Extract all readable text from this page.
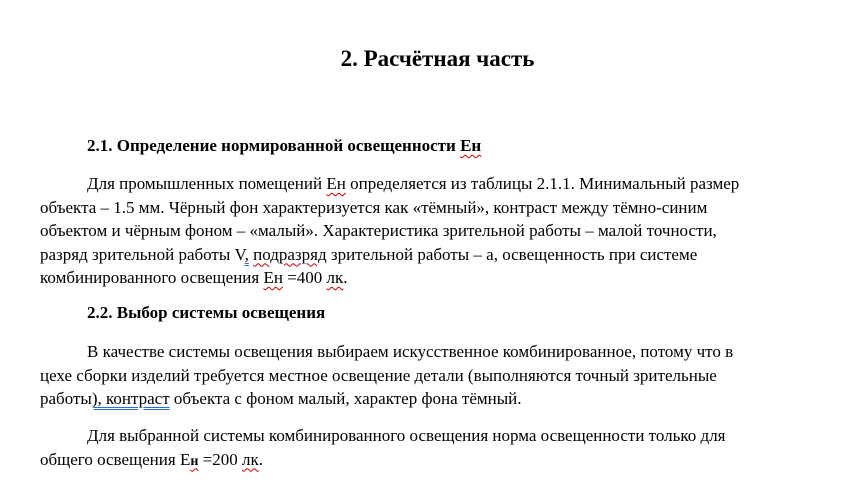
2. Расчётная часть

2.1. Определение нормированной освещенности Ен

Для промышленных помещений Ен определяется из таблицы 2.1.1. Минимальный размер
объекта – 1.5 мм. Чёрный фон характеризуется как «тёмный», контраст между тёмно-синим
объектом и чёрным фоном – «малый». Характеристика зрительной работы – малой точности,
разряд зрительной работы V, подразряд зрительной работы – а, освещенность при системе
комбинированного освещения Ен =400 лк.

2.2. Выбор системы освещения

В качестве системы освещения выбираем искусственное комбинированное, потому что в
цехе сборки изделий требуется местное освещение детали (выполняются точный зрительные
работы), контраст объекта с фоном малый, характер фона тёмный.
Для выбранной системы комбинированного освещения норма освещенности только для
общего освещения Ен =200 лк.
